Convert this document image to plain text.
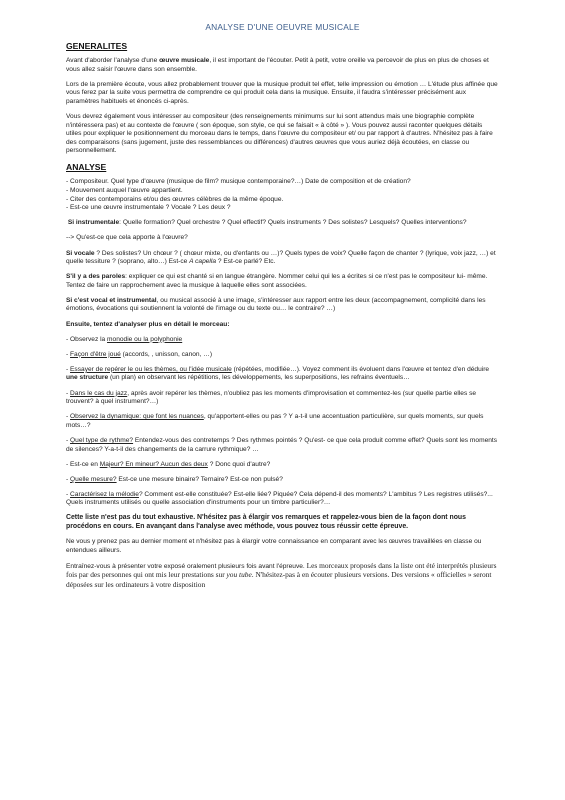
ANALYSE D'UNE OEUVRE MUSICALE
GENERALITES

Avant d'aborder l'analyse d'une œuvre musicale, il est important de l'écouter. Petit à petit, votre oreille va percevoir de plus en plus de choses et vous allez saisir l'œuvre dans son ensemble.

Lors de la première écoute, vous allez probablement trouver que la musique produit tel effet, telle impression ou émotion … L'étude plus affinée que vous ferez par la suite vous permettra de comprendre ce qui produit cela dans la musique. Ensuite, il faudra s'intéresser précisément aux paramètres habituels et énoncés ci-après.

Vous devrez également vous intéresser au compositeur (des renseignements minimums sur lui sont attendus mais une biographie complète n'intéressera pas) et au contexte de l'œuvre ( son époque, son style, ce qui se faisait « à côté » ). Vous pouvez aussi raconter quelques détails utiles pour expliquer le positionnement du morceau dans le temps, dans l'œuvre du compositeur et/ ou par rapport à d'autres. N'hésitez pas à faire des comparaisons (sans jugement, juste des ressemblances ou différences) d'autres œuvres que vous auriez déjà écoutées, en classe ou personnellement.

ANALYSE

- Compositeur. Quel type d'œuvre (musique de film? musique contemporaine?…) Date de composition et de création?

- Mouvement auquel l'œuvre appartient.

- Citer des contemporains et/ou des œuvres célèbres de la même époque.

- Est-ce une œuvre instrumentale ? Vocale ? Les deux ?

Si instrumentale: Quelle formation? Quel orchestre ? Quel effectif? Quels instruments ? Des solistes? Lesquels? Quelles interventions?

--> Qu'est-ce que cela apporte à l'œuvre?

Si vocale ? Des solistes? Un chœur ? ( chœur mixte, ou d'enfants ou …)? Quels types de voix? Quelle façon de chanter ? (lyrique, voix jazz, …) et quelle tessiture ? (soprano, alto…) Est-ce A capella ? Est-ce parlé? Etc.

S'il y a des paroles: expliquer ce qui est chanté si en langue étrangère. Nommer celui qui les a écrites si ce n'est pas le compositeur lui- même. Tentez de faire un rapprochement avec la musique à laquelle elles sont associées.

Si c'est vocal et instrumental, ou musical associé à une image, s'intéresser aux rapport entre les deux (accompagnement, complicité dans les émotions, évocations qui soutiennent la volonté de l'image ou du texte ou… le contraire? …)

Ensuite, tentez d'analyser plus en détail le morceau:

- Observez la monodie ou la polyphonie

- Façon d'être joué (accords, , unisson, canon, …)

- Essayer de repérer le ou les thèmes, ou l'idée musicale (répétées, modifiée…). Voyez comment ils évoluent dans l'œuvre et tentez d'en déduire une structure (un plan) en observant les répétitions, les développements, les superpositions, les refrains éventuels…

- Dans le cas du jazz, après avoir repérer les thèmes, n'oubliez pas les moments d'improvisation et commentez-les (sur quelle partie elles se trouvent? à quel instrument?…)

- Observez la dynamique: que font les nuances, qu'apportent-elles ou pas ? Y a-t-il une accentuation particulière, sur quels moments, sur quels mots…?

- Quel type de rythme? Entendez-vous des contretemps ? Des rythmes pointés ? Qu'est- ce que cela produit comme effet? Quels sont les moments de silences? Y-a-t-il des changements de la carrure rythmique? …

- Est-ce en Majeur? En mineur? Aucun des deux ? Donc quoi d'autre?

- Quelle mesure? Est-ce une mesure binaire? Ternaire? Est-ce non pulsé?

- Caractérisez la mélodie? Comment est-elle constituée? Est-elle liée? Piquée? Cela dépend-il des moments? L'ambitus ? Les registres utilisés?... Quels instruments utilisés ou quelle association d'instruments pour un timbre particulier?…

Cette liste n'est pas du tout exhaustive. N'hésitez pas à élargir vos remarques et rappelez-vous bien de la façon dont nous procédons en cours. En avançant dans l'analyse avec méthode, vous pouvez tous réussir cette épreuve.

Ne vous y prenez pas au dernier moment et n'hésitez pas à élargir votre connaissance en comparant avec les œuvres travaillées en classe ou entendues ailleurs.

Entraînez-vous à présenter votre exposé oralement plusieurs fois avant l'épreuve. Les morceaux proposés dans la liste ont été interprétés plusieurs fois par des personnes qui ont mis leur prestations sur you tube. N'hésitez-pas à en écouter plusieurs versions. Des versions « officielles » seront déposées sur les ordinateurs à votre disposition
